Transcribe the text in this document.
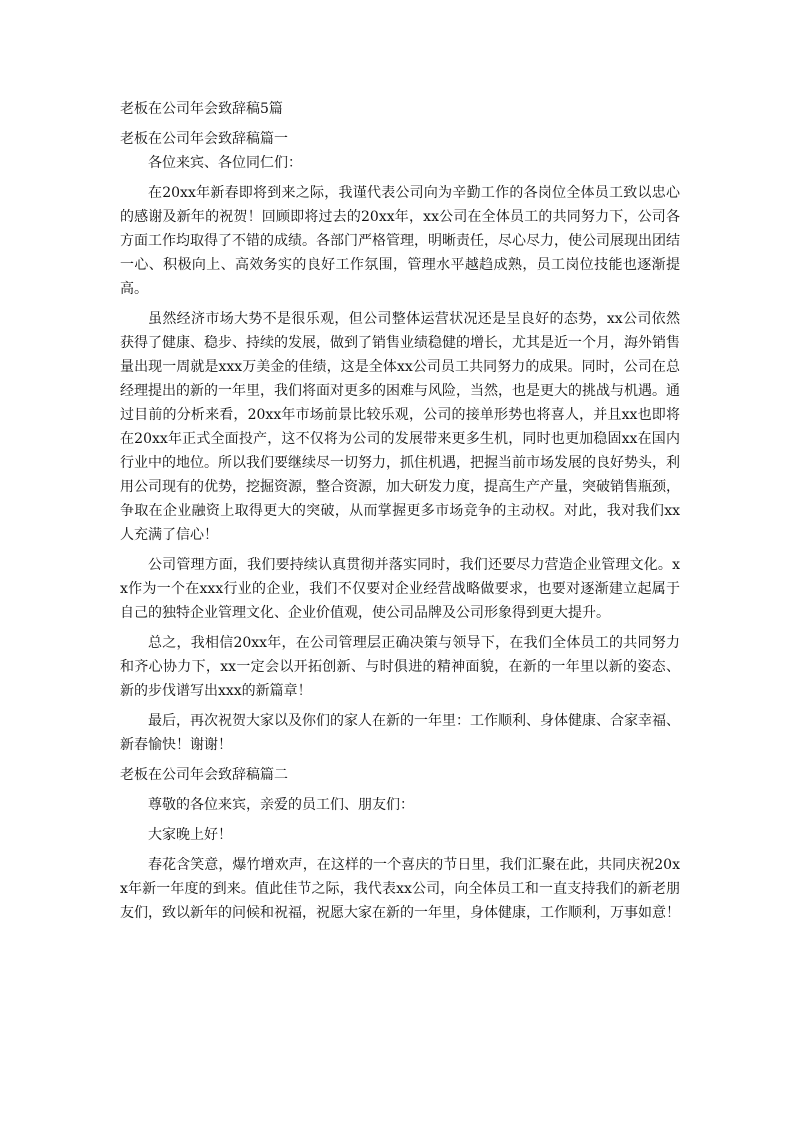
老板在公司年会致辞稿5篇
老板在公司年会致辞稿篇一

各位来宾、各位同仁们：

在20xx年新春即将到来之际，我谨代表公司向为辛勤工作的各岗位全体员工致以忠心的感谢及新年的祝贺！回顾即将过去的20xx年，xx公司在全体员工的共同努力下，公司各方面工作均取得了不错的成绩。各部门严格管理，明晰责任，尽心尽力，使公司展现出团结一心、积极向上、高效务实的良好工作氛围，管理水平越趋成熟，员工岗位技能也逐渐提高。

虽然经济市场大势不是很乐观，但公司整体运营状况还是呈良好的态势，xx公司依然获得了健康、稳步、持续的发展，做到了销售业绩稳健的增长，尤其是近一个月，海外销售量出现一周就是xxx万美金的佳绩，这是全体xx公司员工共同努力的成果。同时，公司在总经理提出的新的一年里，我们将面对更多的困难与风险，当然，也是更大的挑战与机遇。通过目前的分析来看，20xx年市场前景比较乐观，公司的接单形势也将喜人，并且xx也即将在20xx年正式全面投产，这不仅将为公司的发展带来更多生机，同时也更加稳固xx在国内行业中的地位。所以我们要继续尽一切努力，抓住机遇，把握当前市场发展的良好势头，利用公司现有的优势，挖掘资源，整合资源，加大研发力度，提高生产产量，突破销售瓶颈，争取在企业融资上取得更大的突破，从而掌握更多市场竞争的主动权。对此，我对我们xx人充满了信心！

公司管理方面，我们要持续认真贯彻并落实同时，我们还要尽力营造企业管理文化。xx作为一个在xxx行业的企业，我们不仅要对企业经营战略做要求，也要对逐渐建立起属于自己的独特企业管理文化、企业价值观，使公司品牌及公司形象得到更大提升。

总之，我相信20xx年，在公司管理层正确决策与领导下，在我们全体员工的共同努力和齐心协力下，xx一定会以开拓创新、与时俱进的精神面貌，在新的一年里以新的姿态、新的步伐谱写出xxx的新篇章！

最后，再次祝贺大家以及你们的家人在新的一年里：工作顺利、身体健康、合家幸福、新春愉快！谢谢！

老板在公司年会致辞稿篇二

尊敬的各位来宾，亲爱的员工们、朋友们：

大家晚上好！

春花含笑意，爆竹增欢声，在这样的一个喜庆的节日里，我们汇聚在此，共同庆祝20xx年新一年度的到来。值此佳节之际，我代表xx公司，向全体员工和一直支持我们的新老朋友们，致以新年的问候和祝福，祝愿大家在新的一年里，身体健康，工作顺利，万事如意！
